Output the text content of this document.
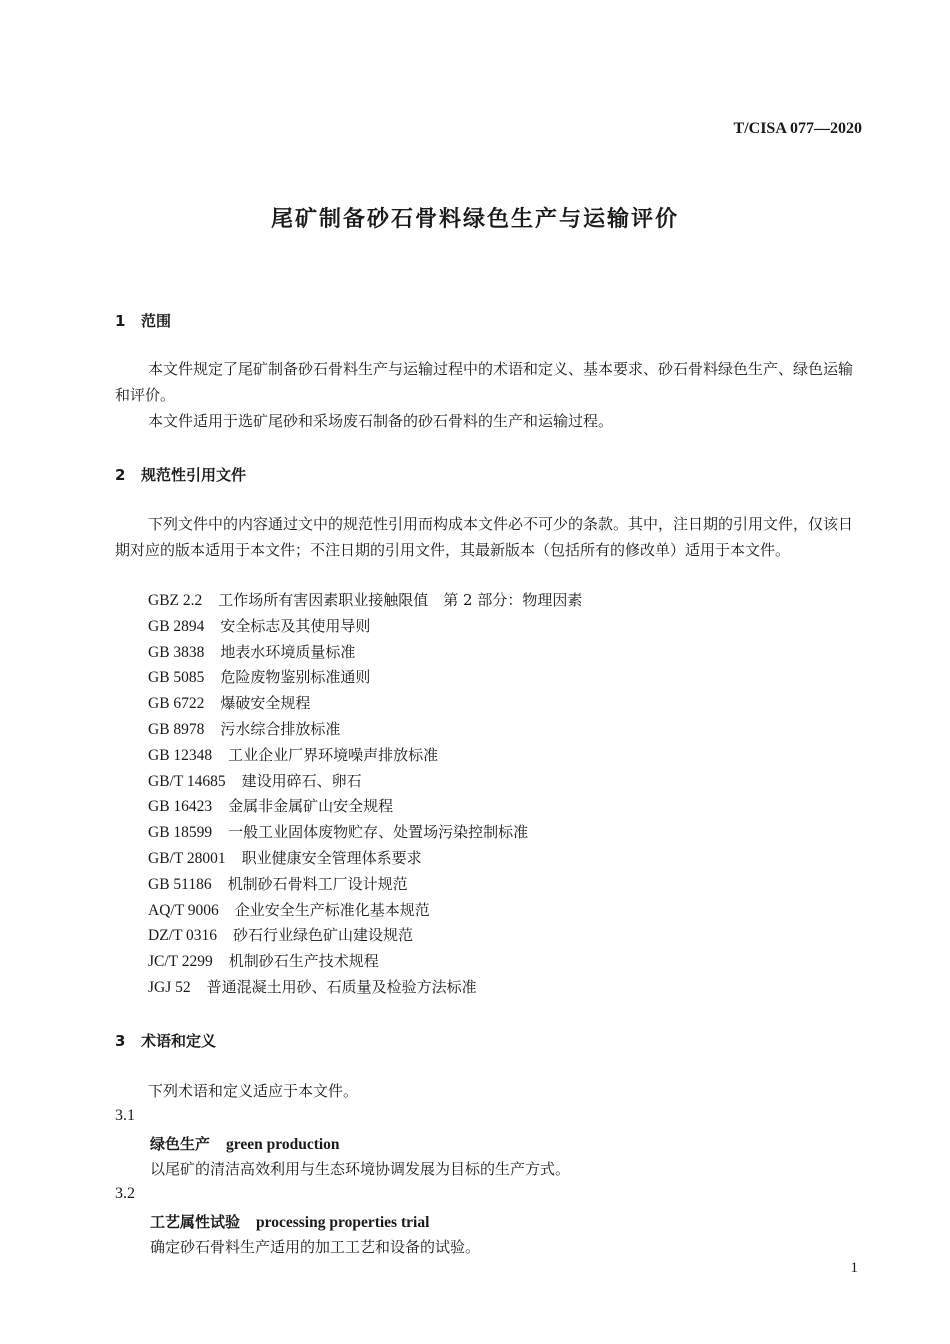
T/CISA 077—2020
尾矿制备砂石骨料绿色生产与运输评价
1 范围
本文件规定了尾矿制备砂石骨料生产与运输过程中的术语和定义、基本要求、砂石骨料绿色生产、绿色运输和评价。
本文件适用于选矿尾砂和采场废石制备的砂石骨料的生产和运输过程。
2 规范性引用文件
下列文件中的内容通过文中的规范性引用而构成本文件必不可少的条款。其中，注日期的引用文件，仅该日期对应的版本适用于本文件；不注日期的引用文件，其最新版本（包括所有的修改单）适用于本文件。
GBZ 2.2 工作场所有害因素职业接触限值　第 2 部分：物理因素
GB 2894 安全标志及其使用导则
GB 3838 地表水环境质量标准
GB 5085 危险废物鉴别标准通则
GB 6722 爆破安全规程
GB 8978 污水综合排放标准
GB 12348 工业企业厂界环境噪声排放标准
GB/T 14685 建设用碎石、卵石
GB 16423 金属非金属矿山安全规程
GB 18599 一般工业固体废物贮存、处置场污染控制标准
GB/T 28001 职业健康安全管理体系要求
GB 51186 机制砂石骨料工厂设计规范
AQ/T 9006 企业安全生产标准化基本规范
DZ/T 0316 砂石行业绿色矿山建设规范
JC/T 2299 机制砂石生产技术规程
JGJ 52 普通混凝土用砂、石质量及检验方法标准
3 术语和定义
下列术语和定义适应于本文件。
3.1
绿色生产 green production
以尾矿的清洁高效利用与生态环境协调发展为目标的生产方式。
3.2
工艺属性试验 processing properties trial
确定砂石骨料生产适用的加工工艺和设备的试验。
1
